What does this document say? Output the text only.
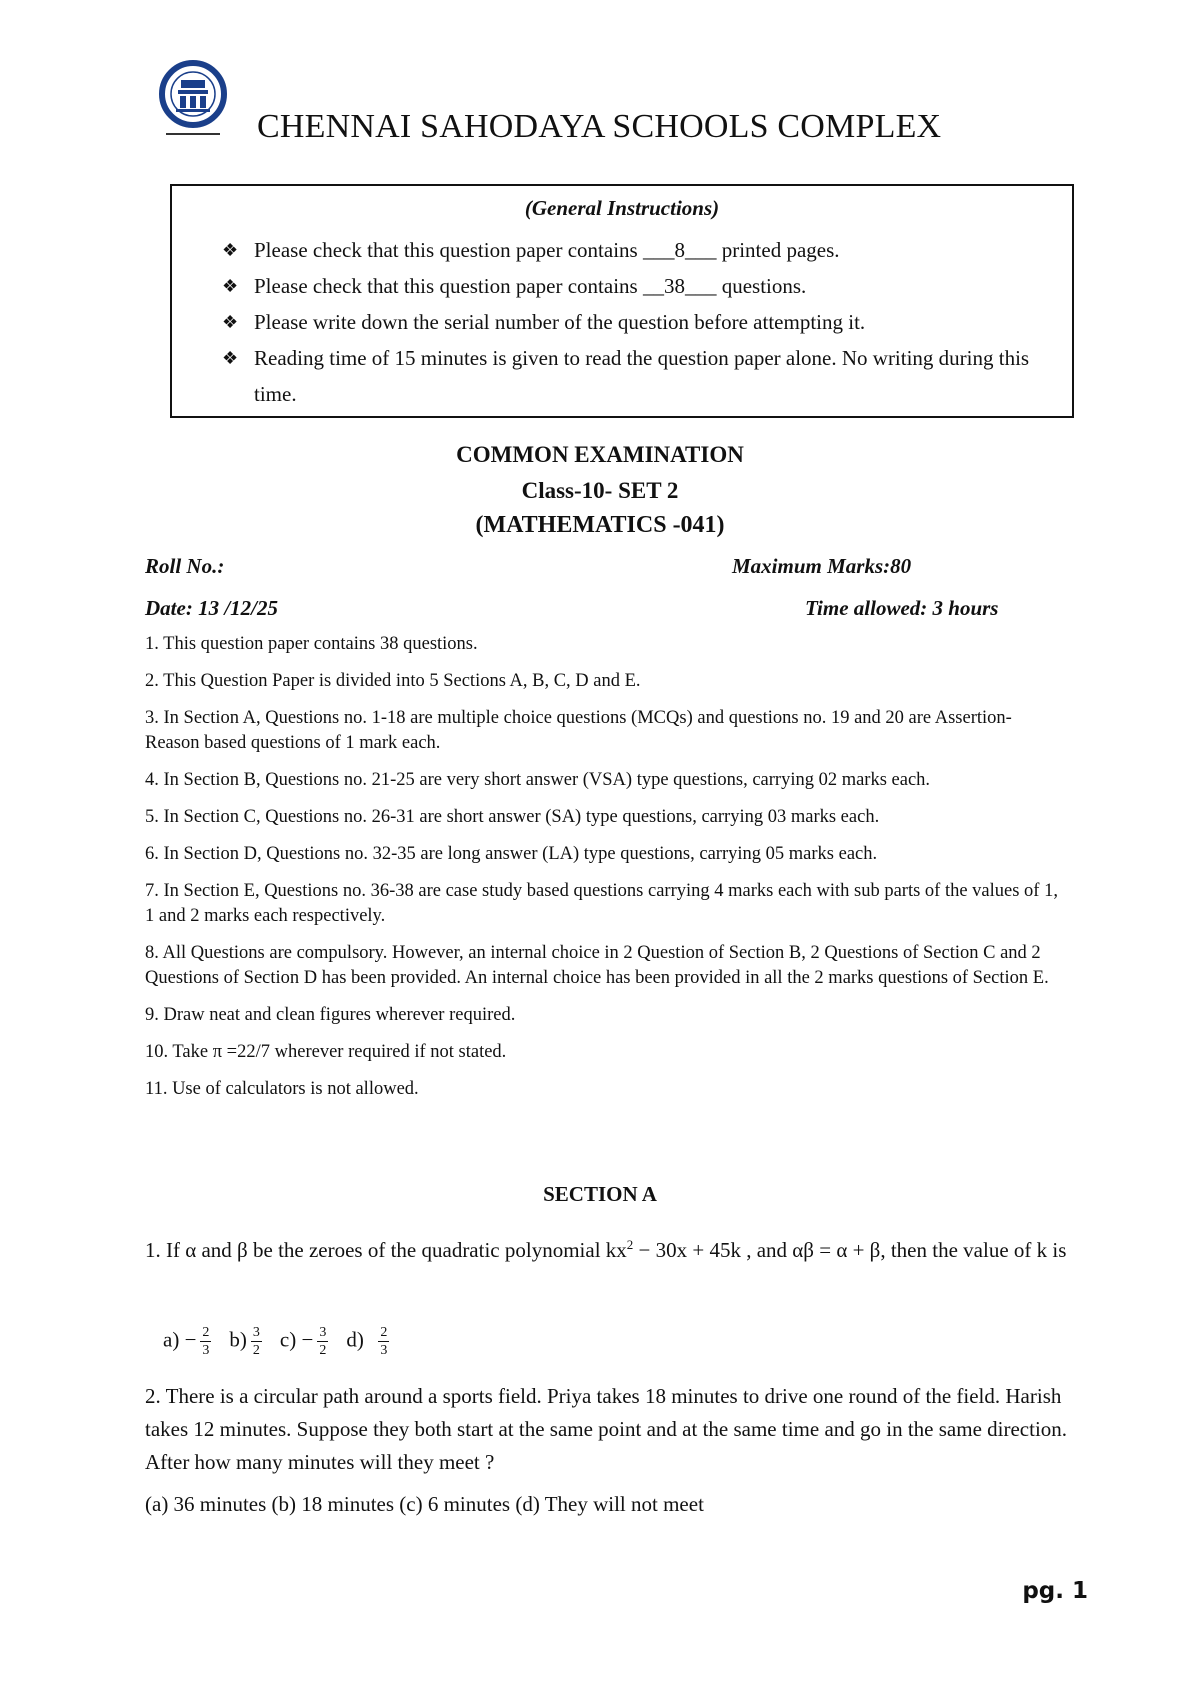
CHENNAI SAHODAYA SCHOOLS COMPLEX
(General Instructions)
❖ Please check that this question paper contains ___8___ printed pages.
❖ Please check that this question paper contains __38___ questions.
❖ Please write down the serial number of the question before attempting it.
❖ Reading time of 15 minutes is given to read the question paper alone. No writing during this time.
COMMON EXAMINATION
Class-10- SET 2
(MATHEMATICS -041)
Roll No.:	Maximum Marks:80
Date: 13 /12/25	Time allowed: 3 hours
1. This question paper contains 38 questions.
2. This Question Paper is divided into 5 Sections A, B, C, D and E.
3. In Section A, Questions no. 1-18 are multiple choice questions (MCQs) and questions no. 19 and 20 are Assertion- Reason based questions of 1 mark each.
4. In Section B, Questions no. 21-25 are very short answer (VSA) type questions, carrying 02 marks each.
5. In Section C, Questions no. 26-31 are short answer (SA) type questions, carrying 03 marks each.
6. In Section D, Questions no. 32-35 are long answer (LA) type questions, carrying 05 marks each.
7. In Section E, Questions no. 36-38 are case study based questions carrying 4 marks each with sub parts of the values of 1, 1 and 2 marks each respectively.
8. All Questions are compulsory. However, an internal choice in 2 Question of Section B, 2 Questions of Section C and 2 Questions of Section D has been provided. An internal choice has been provided in all the 2 marks questions of Section E.
9. Draw neat and clean figures wherever required.
10. Take π =22/7 wherever required if not stated.
11. Use of calculators is not allowed.
SECTION A
1. If α and β be the zeroes of the quadratic polynomial $kx^2 - 30x + 45k$ , and αβ = α + β, then the value of k is
$a) - \frac{2}{3} b) \frac{3}{2} c) - \frac{3}{2} d) \frac{2}{3}$
2. There is a circular path around a sports field. Priya takes 18 minutes to drive one round of the field. Harish takes 12 minutes. Suppose they both start at the same point and at the same time and go in the same direction. After how many minutes will they meet ?
(a) 36 minutes (b) 18 minutes (c) 6 minutes (d) They will not meet
pg. 1
